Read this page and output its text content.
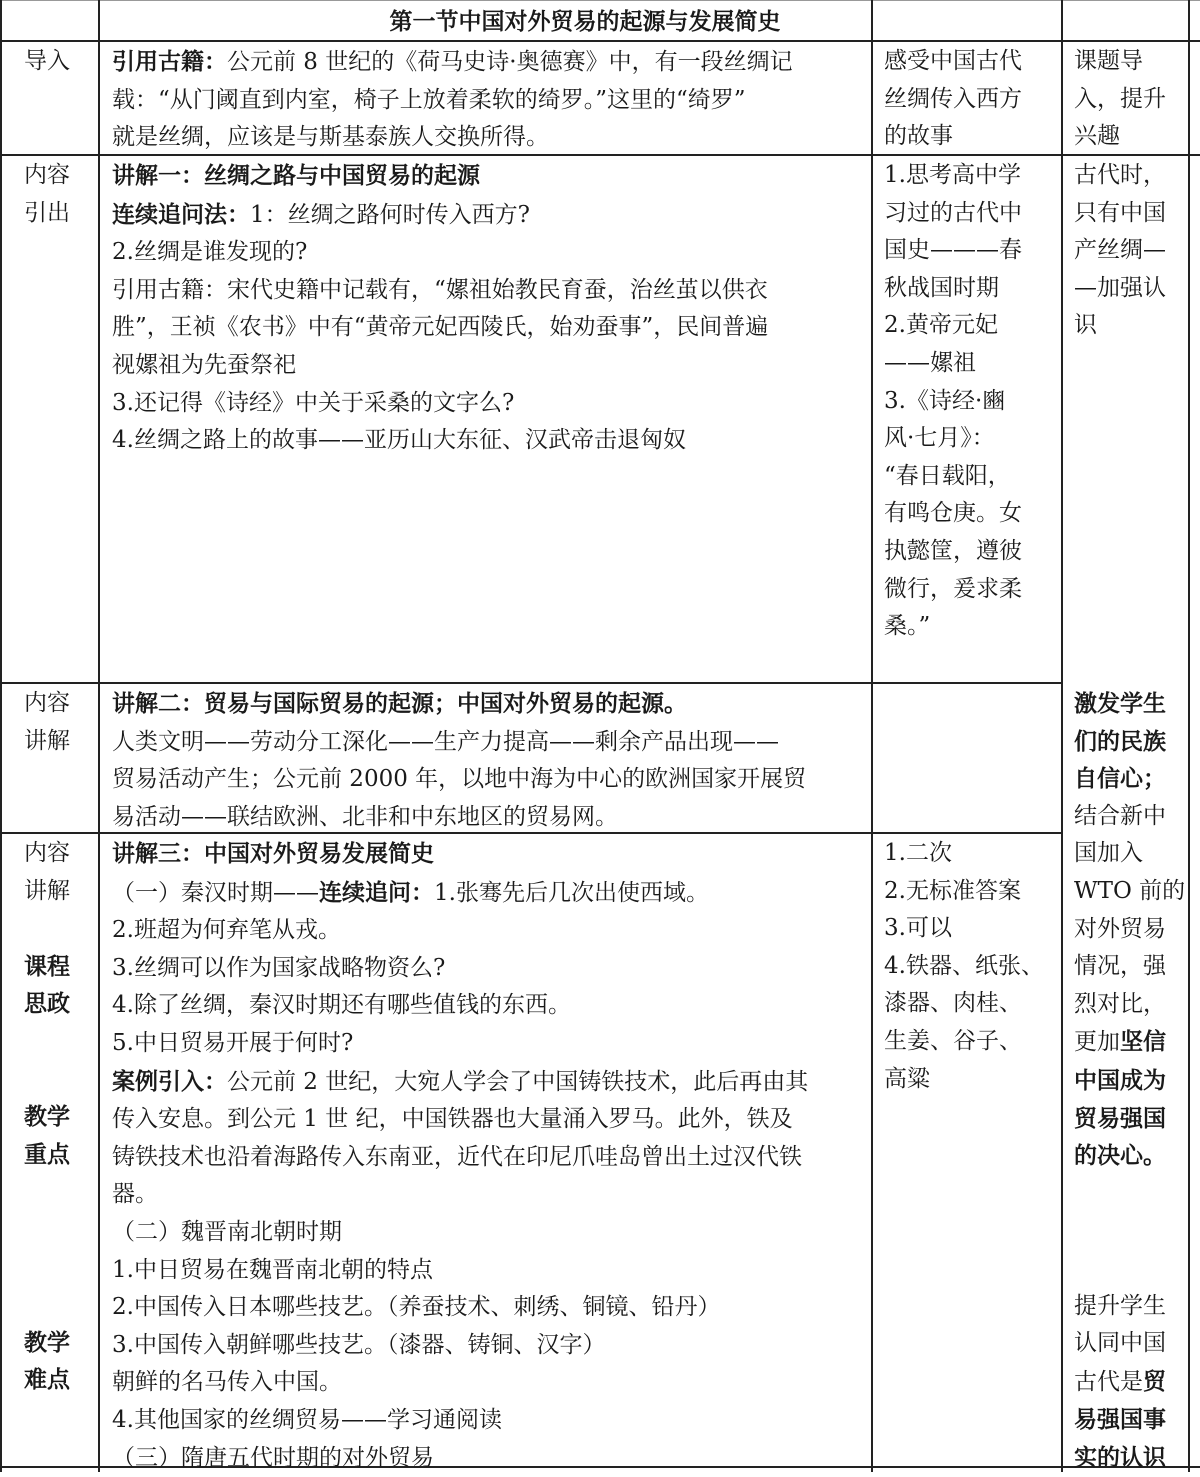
第一节中国对外贸易的起源与发展简史

导入 引用古籍：公元前 8 世纪的《荷马史诗·奥德赛》中，有一段丝绸记

载：“从门阈直到内室，椅子上放着柔软的绮罗。”这里的“绮罗”

就是丝绸，应该是与斯基泰族人交换所得。

感受中国古代

丝绸传入西方

的故事

课题导

入，提升

兴趣

内容

引出

讲解一：丝绸之路与中国贸易的起源

连续追问法：1：丝绸之路何时传入西方?

2.丝绸是谁发现的?

引用古籍：宋代史籍中记载有，“嫘祖始教民育蚕，治丝茧以供衣

胜”，王祯《农书》中有“黄帝元妃西陵氏，始劝蚕事”，民间普遍

视嫘祖为先蚕祭祀

3.还记得《诗经》中关于采桑的文字么?

4.丝绸之路上的故事——亚历山大东征、汉武帝击退匈奴

1.思考高中学

习过的古代中

国史———春

秋战国时期

2.黄帝元妃

——嫘祖

3.《诗经·豳

风·七月》：

“春日载阳，

有鸣仓庚。女

执懿筐，遵彼

微行，爰求柔

桑。”

古代时，

只有中国

产丝绸—

—加强认

识

内容

讲解

讲解二：贸易与国际贸易的起源；中国对外贸易的起源。

人类文明——劳动分工深化——生产力提高——剩余产品出现——

贸易活动产生；公元前 2000 年，以地中海为中心的欧洲国家开展贸

易活动——联结欧洲、北非和中东地区的贸易网。

激发学生

们的民族

自信心；

结合新中

国加入

WTO 前的

对外贸易

情况，强

烈对比，

更加坚信

中国成为

贸易强国

的决心。

提升学生

认同中国

古代是贸

易强国事

实的认识

内容

讲解

课程

思政

教学

重点

教学

难点

讲解三：中国对外贸易发展简史

（一）秦汉时期——连续追问：1.张骞先后几次出使西域。

2.班超为何弃笔从戎。

3.丝绸可以作为国家战略物资么?

4.除了丝绸，秦汉时期还有哪些值钱的东西。

5.中日贸易开展于何时?

案例引入：公元前 2 世纪，大宛人学会了中国铸铁技术，此后再由其

传入安息。到公元 1 世 纪，中国铁器也大量涌入罗马。此外，铁及

铸铁技术也沿着海路传入东南亚，近代在印尼爪哇岛曾出土过汉代铁

器。

（二）魏晋南北朝时期

1.中日贸易在魏晋南北朝的特点

2.中国传入日本哪些技艺。（养蚕技术、刺绣、铜镜、铅丹）

3.中国传入朝鲜哪些技艺。（漆器、铸铜、汉字）

朝鲜的名马传入中国。

4.其他国家的丝绸贸易——学习通阅读

（三）隋唐五代时期的对外贸易

1.二次

2.无标准答案

3.可以

4.铁器、纸张、

漆器、肉桂、

生姜、谷子、

高粱
